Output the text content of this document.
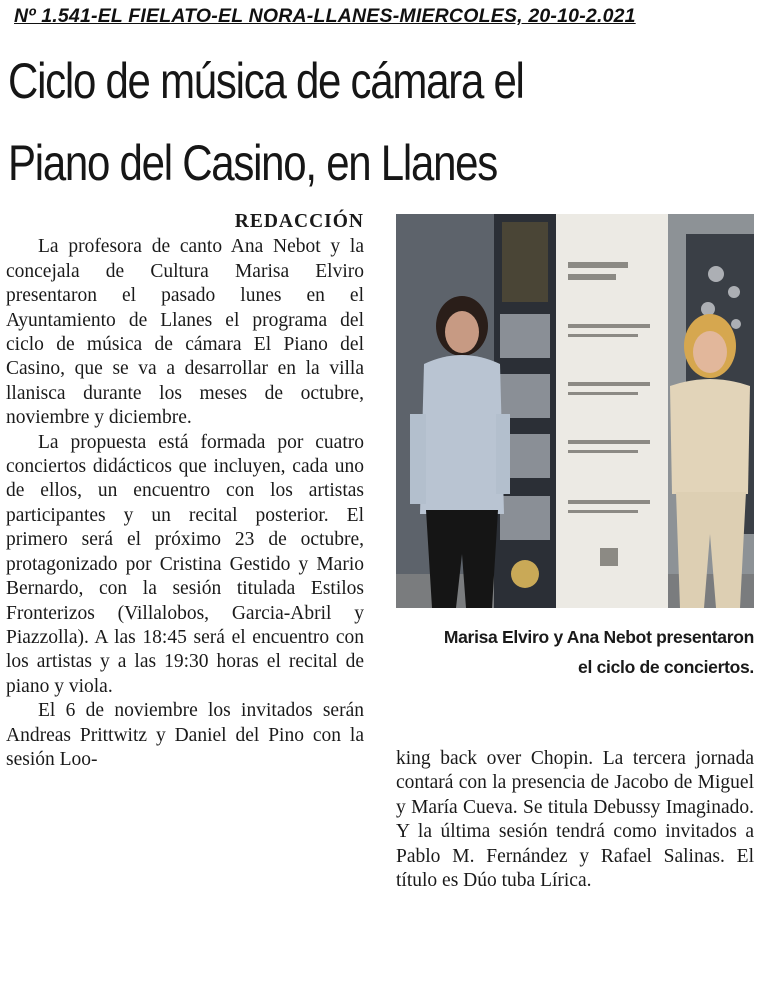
Nº 1.541-EL FIELATO-EL NORA-LLANES-MIERCOLES, 20-10-2.021
Ciclo de música de cámara el
Piano del Casino, en Llanes
REDACCIÓN

La profesora de canto Ana Nebot y la concejala de Cultura Marisa Elviro presentaron el pasado lunes en el Ayuntamiento de Llanes el programa del ciclo de música de cámara El Piano del Casino, que se va a desarrollar en la villa llanisca durante los meses de octubre, noviembre y diciembre.

La propuesta está formada por cuatro conciertos didácticos que incluyen, cada uno de ellos, un encuentro con los artistas participantes y un recital posterior. El primero será el próximo 23 de octubre, protagonizado por Cristina Gestido y Mario Bernardo, con la sesión titulada Estilos Fronterizos (Villalobos, Garcia-Abril y Piazzolla). A las 18:45 será el encuentro con los artistas y a las 19:30 horas el recital de piano y viola.

El 6 de noviembre los invitados serán Andreas Prittwitz y Daniel del Pino con la sesión Loo-

Marisa Elviro y Ana Nebot presentaron
el ciclo de conciertos.

king back over Chopin. La tercera jornada contará con la presencia de Jacobo de Miguel y María Cueva. Se titula Debussy Imaginado. Y la última sesión tendrá como invitados a Pablo M. Fernández y Rafael Salinas. El título es Dúo tuba Lírica.
